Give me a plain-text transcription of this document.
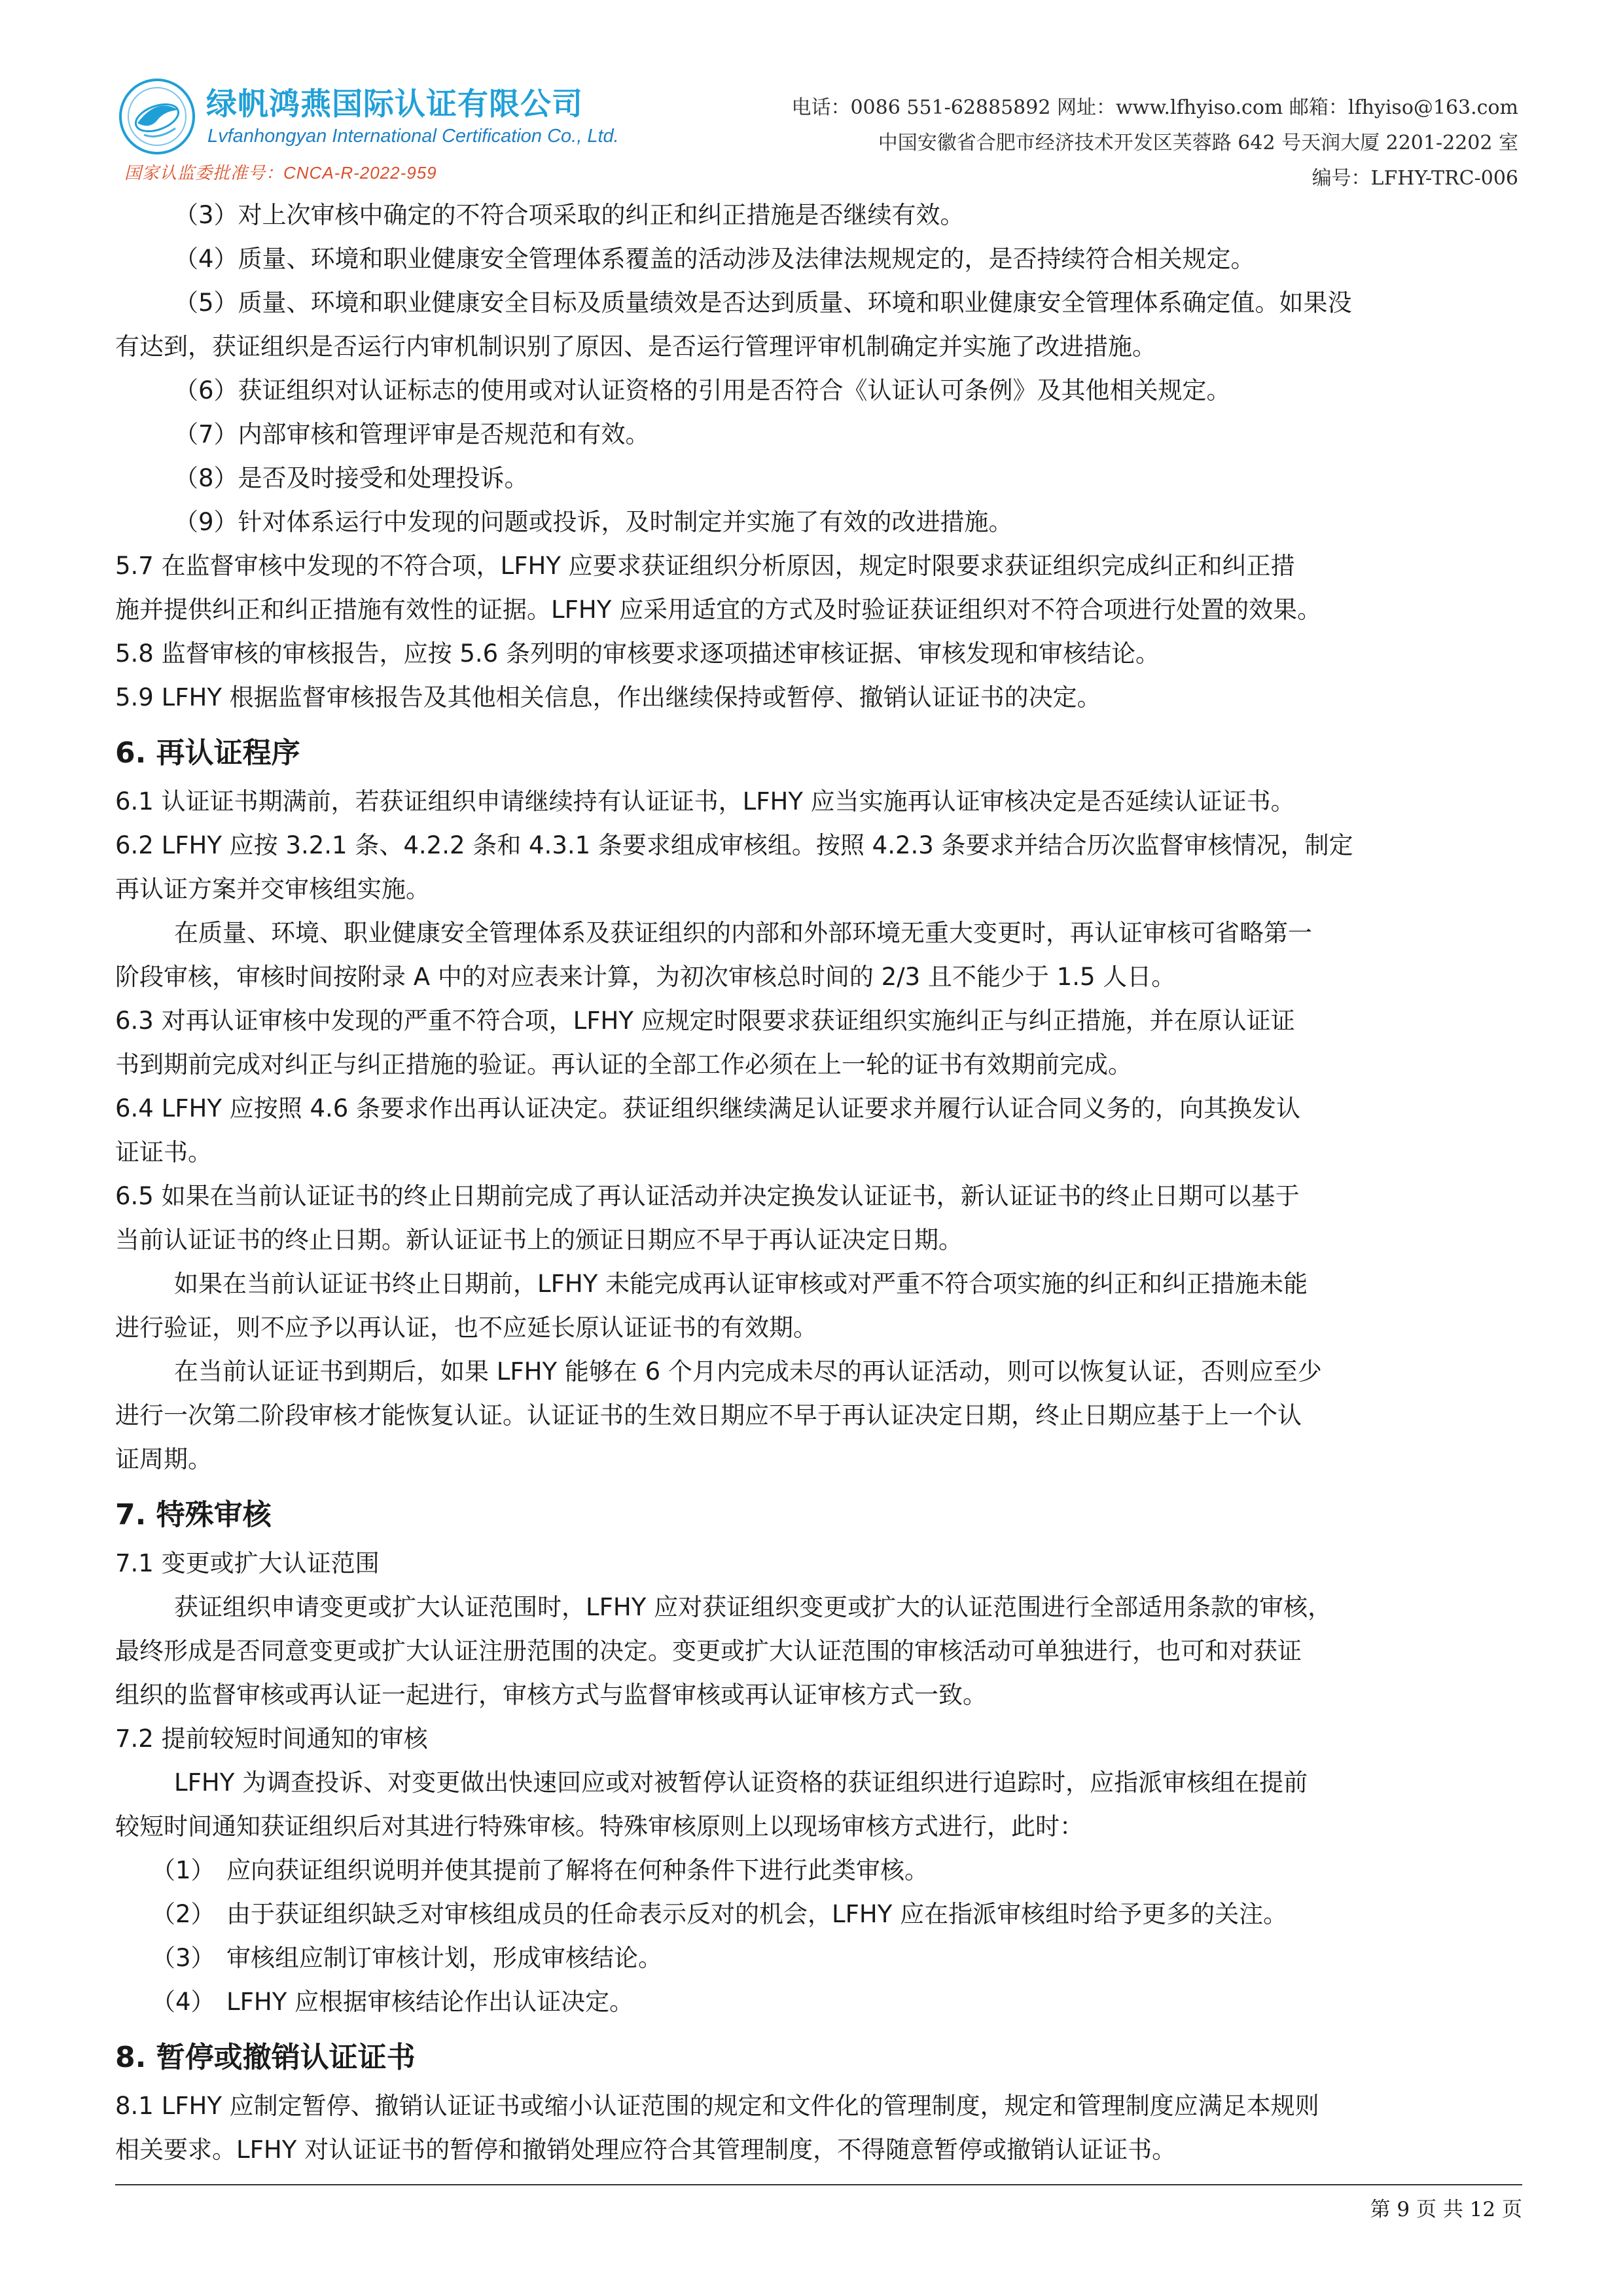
绿帆鸿燕国际认证有限公司
Lvfanhongyan International Certification Co., Ltd.
国家认监委批准号：CNCA-R-2022-959
电话：0086 551-62885892 网址：www.lfhyiso.com 邮箱：lfhyiso@163.com
中国安徽省合肥市经济技术开发区芙蓉路 642 号天润大厦 2201-2202 室
编号：LFHY-TRC-006
（3）对上次审核中确定的不符合项采取的纠正和纠正措施是否继续有效。
（4）质量、环境和职业健康安全管理体系覆盖的活动涉及法律法规规定的，是否持续符合相关规定。
（5）质量、环境和职业健康安全目标及质量绩效是否达到质量、环境和职业健康安全管理体系确定值。如果没
有达到，获证组织是否运行内审机制识别了原因、是否运行管理评审机制确定并实施了改进措施。
（6）获证组织对认证标志的使用或对认证资格的引用是否符合《认证认可条例》及其他相关规定。
（7）内部审核和管理评审是否规范和有效。
（8）是否及时接受和处理投诉。
（9）针对体系运行中发现的问题或投诉，及时制定并实施了有效的改进措施。
5.7 在监督审核中发现的不符合项，LFHY 应要求获证组织分析原因，规定时限要求获证组织完成纠正和纠正措
施并提供纠正和纠正措施有效性的证据。LFHY 应采用适宜的方式及时验证获证组织对不符合项进行处置的效果。
5.8 监督审核的审核报告，应按 5.6 条列明的审核要求逐项描述审核证据、审核发现和审核结论。
5.9 LFHY 根据监督审核报告及其他相关信息，作出继续保持或暂停、撤销认证证书的决定。
6. 再认证程序
6.1 认证证书期满前，若获证组织申请继续持有认证证书，LFHY 应当实施再认证审核决定是否延续认证证书。
6.2 LFHY 应按 3.2.1 条、4.2.2 条和 4.3.1 条要求组成审核组。按照 4.2.3 条要求并结合历次监督审核情况，制定
再认证方案并交审核组实施。
在质量、环境、职业健康安全管理体系及获证组织的内部和外部环境无重大变更时，再认证审核可省略第一
阶段审核，审核时间按附录 A 中的对应表来计算，为初次审核总时间的 2/3 且不能少于 1.5 人日。
6.3 对再认证审核中发现的严重不符合项，LFHY 应规定时限要求获证组织实施纠正与纠正措施，并在原认证证
书到期前完成对纠正与纠正措施的验证。再认证的全部工作必须在上一轮的证书有效期前完成。
6.4 LFHY 应按照 4.6 条要求作出再认证决定。获证组织继续满足认证要求并履行认证合同义务的，向其换发认
证证书。
6.5 如果在当前认证证书的终止日期前完成了再认证活动并决定换发认证证书，新认证证书的终止日期可以基于
当前认证证书的终止日期。新认证证书上的颁证日期应不早于再认证决定日期。
如果在当前认证证书终止日期前，LFHY 未能完成再认证审核或对严重不符合项实施的纠正和纠正措施未能
进行验证，则不应予以再认证，也不应延长原认证证书的有效期。
在当前认证证书到期后，如果 LFHY 能够在 6 个月内完成未尽的再认证活动，则可以恢复认证，否则应至少
进行一次第二阶段审核才能恢复认证。认证证书的生效日期应不早于再认证决定日期，终止日期应基于上一个认
证周期。
7. 特殊审核
7.1 变更或扩大认证范围
获证组织申请变更或扩大认证范围时，LFHY 应对获证组织变更或扩大的认证范围进行全部适用条款的审核，
最终形成是否同意变更或扩大认证注册范围的决定。变更或扩大认证范围的审核活动可单独进行，也可和对获证
组织的监督审核或再认证一起进行，审核方式与监督审核或再认证审核方式一致。
7.2 提前较短时间通知的审核
LFHY 为调查投诉、对变更做出快速回应或对被暂停认证资格的获证组织进行追踪时，应指派审核组在提前
较短时间通知获证组织后对其进行特殊审核。特殊审核原则上以现场审核方式进行，此时：
（1） 应向获证组织说明并使其提前了解将在何种条件下进行此类审核。
（2） 由于获证组织缺乏对审核组成员的任命表示反对的机会，LFHY 应在指派审核组时给予更多的关注。
（3） 审核组应制订审核计划，形成审核结论。
（4） LFHY 应根据审核结论作出认证决定。
8. 暂停或撤销认证证书
8.1 LFHY 应制定暂停、撤销认证证书或缩小认证范围的规定和文件化的管理制度，规定和管理制度应满足本规则
相关要求。LFHY 对认证证书的暂停和撤销处理应符合其管理制度，不得随意暂停或撤销认证证书。
第 9 页 共 12 页
